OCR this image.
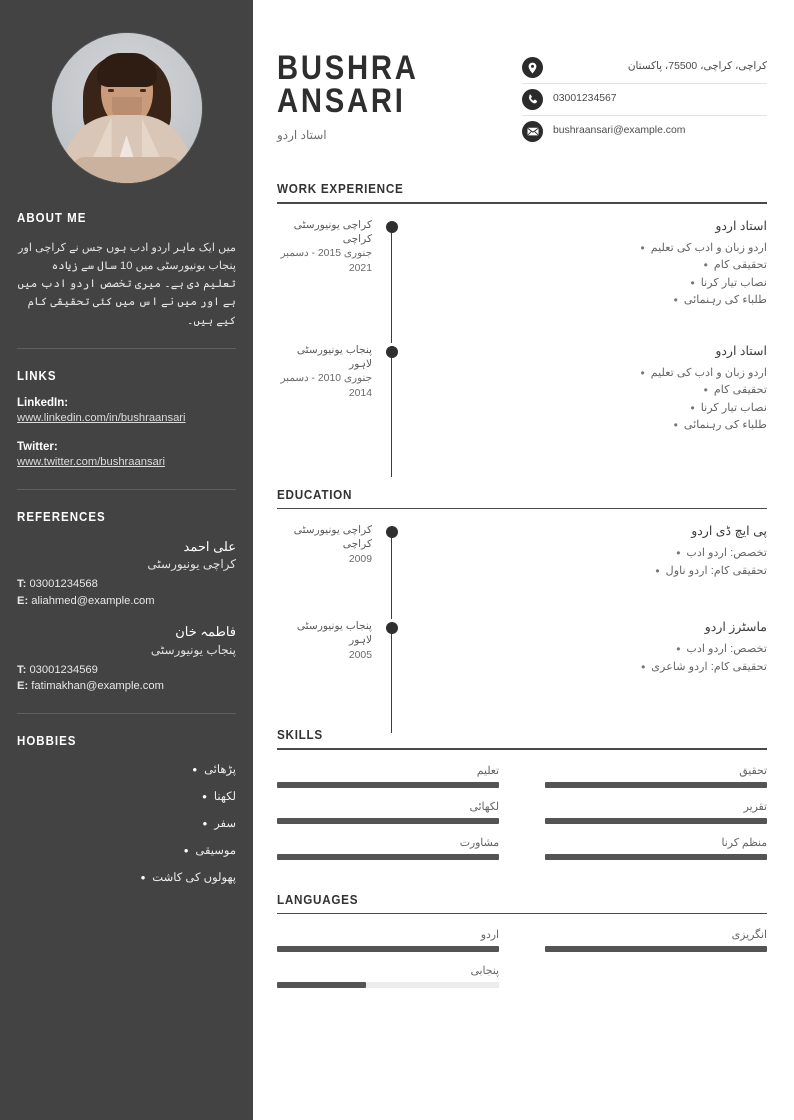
ABOUT ME

میں ایک ماہر اردو ادب ہوں جس نے کراچی اور پنجاب یونیورسٹی میں 10 سال سے زیادہ تعلیم دی ہے۔ میری تخصص اردو ادب میں ہے اور میں نے اس میں کئی تحقیقی کام کیے ہیں۔

LINKS
LinkedIn:
www.linkedin.com/in/bushraansari
Twitter:
www.twitter.com/bushraansari
REFERENCES
علی احمد
کراچی یونیورسٹی
T: 03001234568
E: aliahmed@example.com
فاطمہ خان
پنجاب یونیورسٹی
T: 03001234569
E: fatimakhan@example.com
HOBBIES
• پڑھائی
• لکھنا
• سفر
• موسیقی
• پھولوں کی کاشت
BUSHRA
ANSARI
استاد اردو
کراچی، کراچی، 75500، پاکستان
03001234567
bushraansari@example.com
WORK EXPERIENCE
کراچی یونیورسٹی
کراچی
جنوری 2015 - دسمبر 2021
استاد اردو
• اردو زبان و ادب کی تعلیم
• تحقیقی کام
• نصاب تیار کرنا
• طلباء کی رہنمائی
پنجاب یونیورسٹی
لاہور
جنوری 2010 - دسمبر 2014
استاد اردو
• اردو زبان و ادب کی تعلیم
• تحقیقی کام
• نصاب تیار کرنا
• طلباء کی رہنمائی
EDUCATION
کراچی یونیورسٹی
کراچی
2009
پی ایچ ڈی اردو
• تخصص: اردو ادب
• تحقیقی کام: اردو ناول
پنجاب یونیورسٹی
لاہور
2005
ماسٹرز اردو
• تخصص: اردو ادب
• تحقیقی کام: اردو شاعری
SKILLS
تعلیم	تحقیق
لکھائی	تقریر
مشاورت	منظم کرنا
LANGUAGES
اردو	انگریزی
پنجابی
